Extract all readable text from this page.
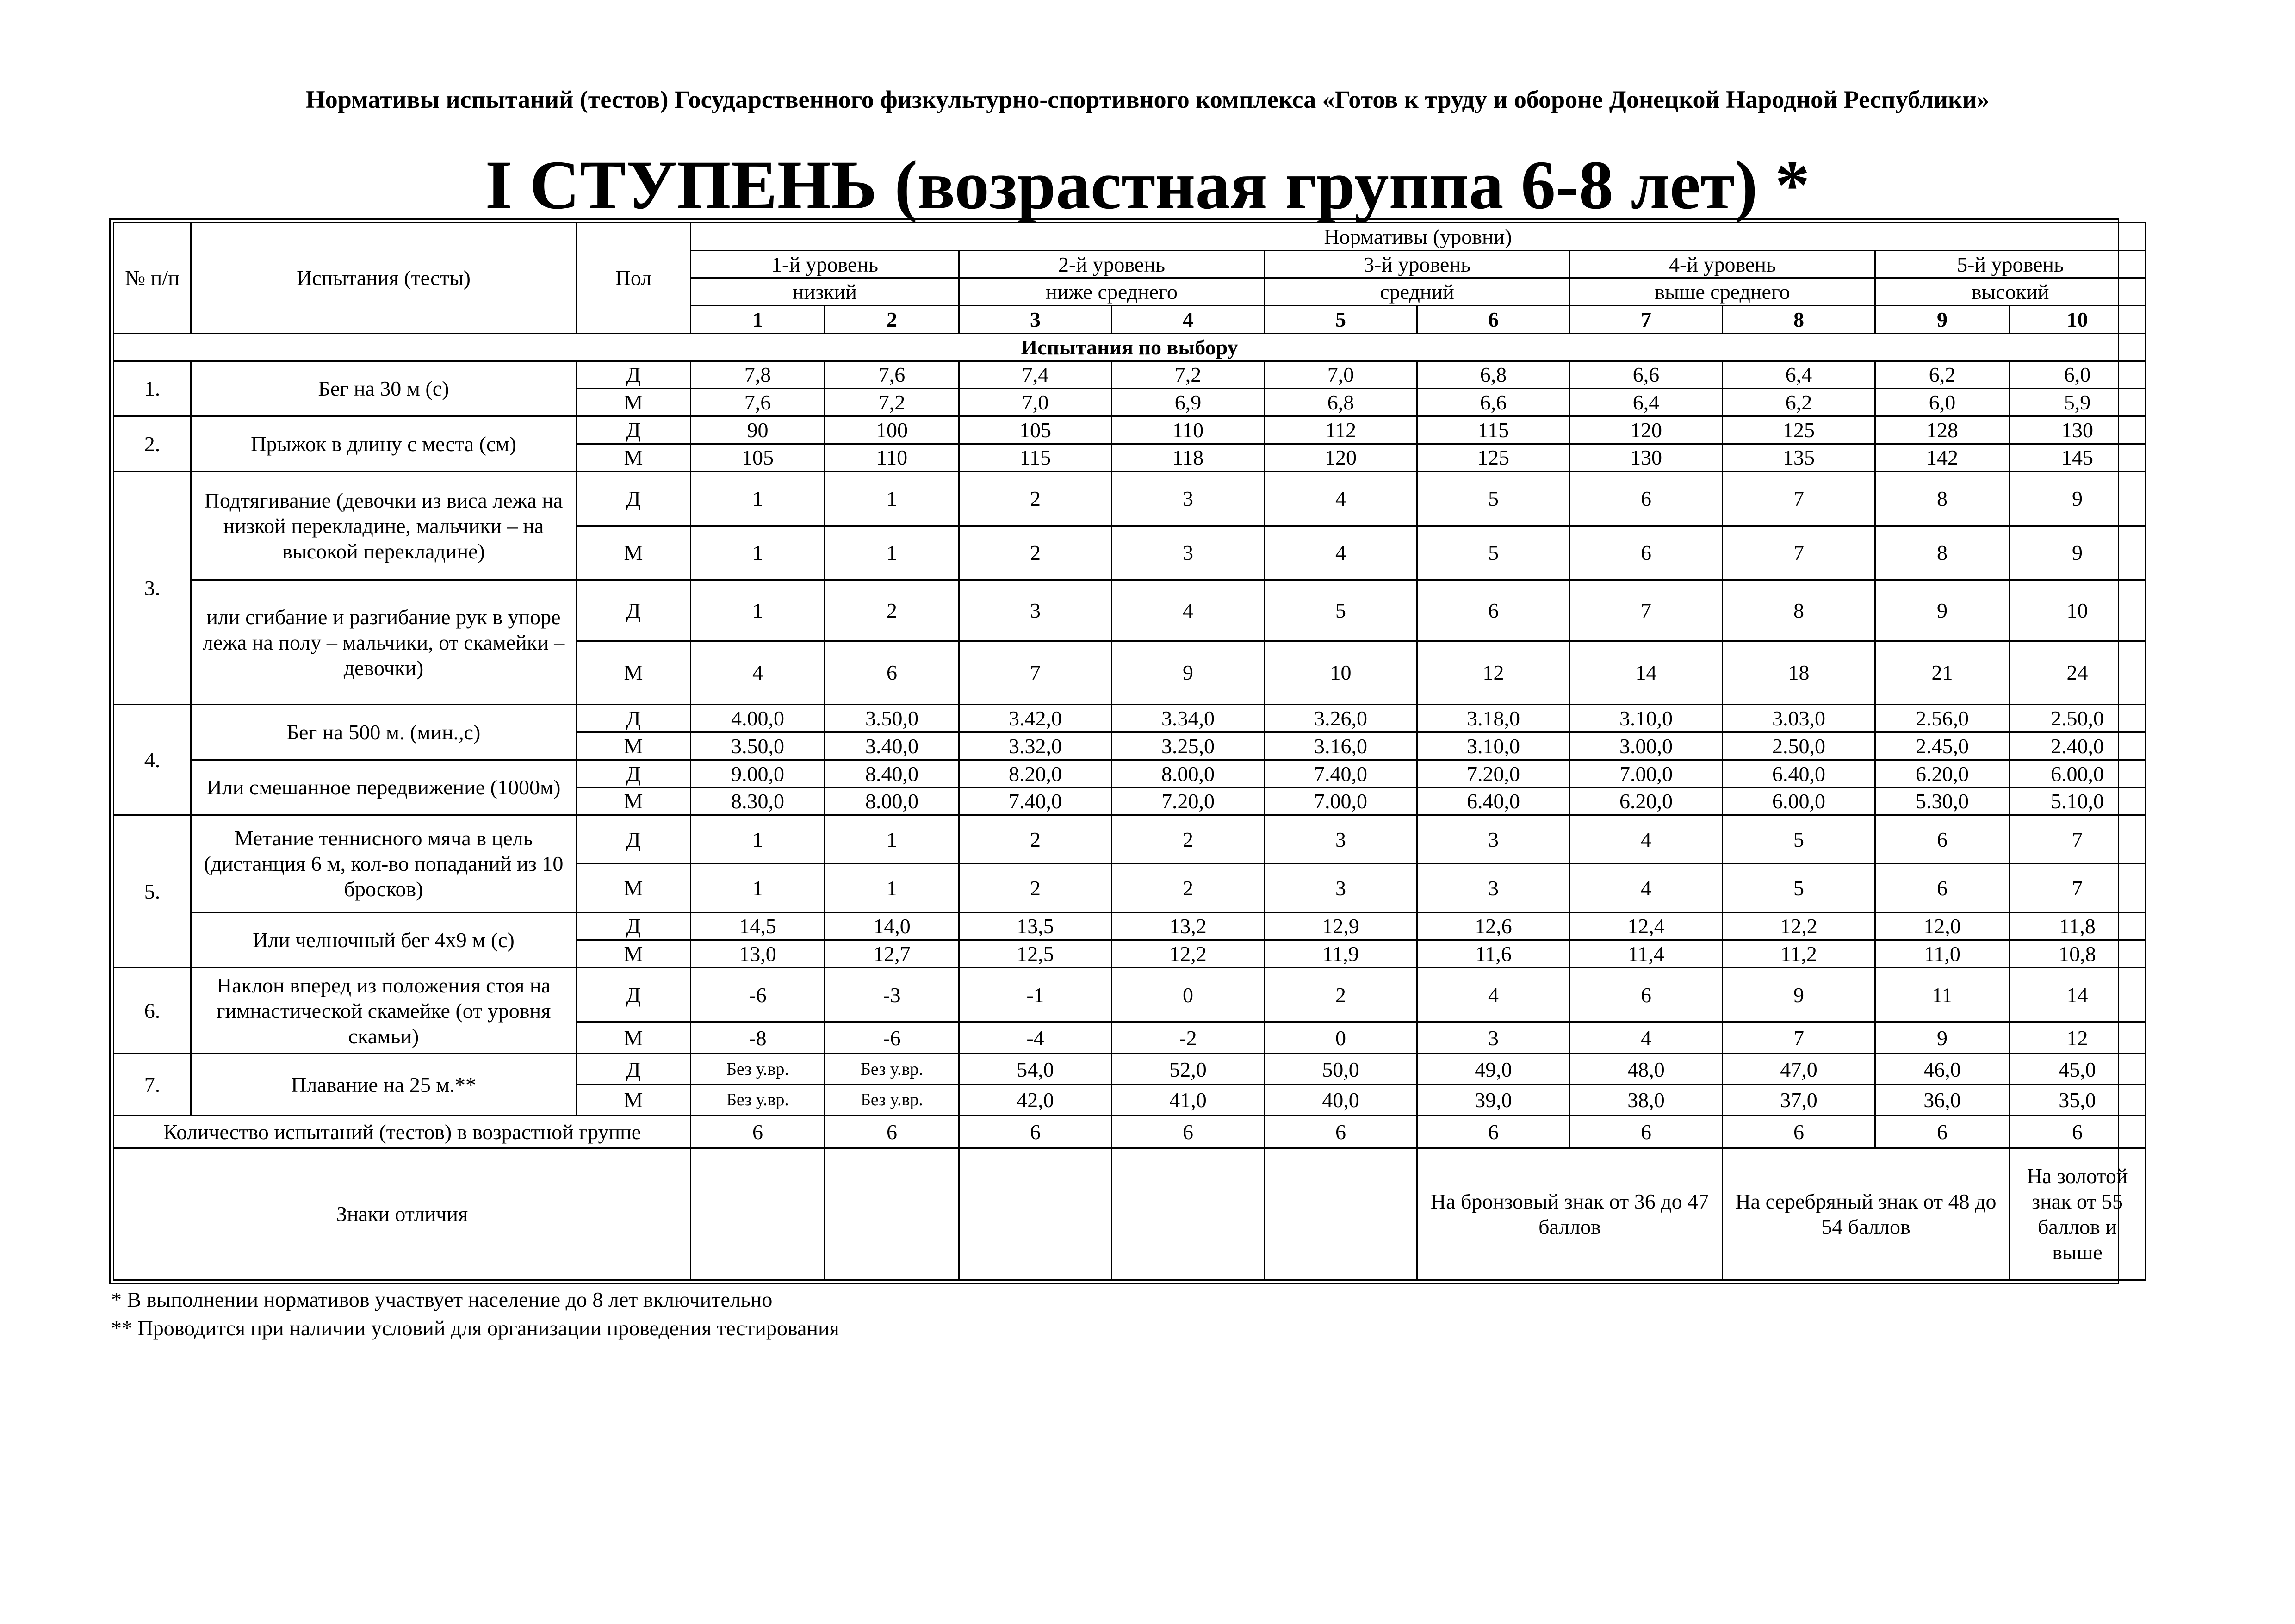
Нормативы испытаний (тестов) Государственного физкультурно-спортивного комплекса «Готов к труду и обороне Донецкой Народной Республики»
I СТУПЕНЬ (возрастная группа 6-8 лет) *
№ п/п	Испытания (тесты)	Пол	Нормативы (уровни)									
			1-й уровень		2-й уровень		3-й уровень		4-й уровень		5-й уровень	
			низкий		ниже среднего		средний		выше среднего		высокий	
			1	2	3	4	5	6	7	8	9	10
Испытания по выбору												
1.	Бег на 30 м (с)	Д	7,8	7,6	7,4	7,2	7,0	6,8	6,6	6,4	6,2	6,0
		М	7,6	7,2	7,0	6,9	6,8	6,6	6,4	6,2	6,0	5,9
2.	Прыжок в длину с места (см)	Д	90	100	105	110	112	115	120	125	128	130
		М	105	110	115	118	120	125	130	135	142	145
3.	Подтягивание (девочки из виса лежа на низкой перекладине, мальчики – на высокой перекладине)	Д	1	1	2	3	4	5	6	7	8	9
		М	1	1	2	3	4	5	6	7	8	9
	или сгибание и разгибание рук в упоре лежа на полу – мальчики, от скамейки – девочки)	Д	1	2	3	4	5	6	7	8	9	10
		М	4	6	7	9	10	12	14	18	21	24
4.	Бег на 500 м. (мин.,с)	Д	4.00,0	3.50,0	3.42,0	3.34,0	3.26,0	3.18,0	3.10,0	3.03,0	2.56,0	2.50,0
		М	3.50,0	3.40,0	3.32,0	3.25,0	3.16,0	3.10,0	3.00,0	2.50,0	2.45,0	2.40,0
	Или смешанное передвижение (1000м)	Д	9.00,0	8.40,0	8.20,0	8.00,0	7.40,0	7.20,0	7.00,0	6.40,0	6.20,0	6.00,0
		М	8.30,0	8.00,0	7.40,0	7.20,0	7.00,0	6.40,0	6.20,0	6.00,0	5.30,0	5.10,0
5.	Метание теннисного мяча в цель (дистанция 6 м, кол-во попаданий из 10 бросков)	Д	1	1	2	2	3	3	4	5	6	7
		М	1	1	2	2	3	3	4	5	6	7
	Или челночный бег 4х9 м (с)	Д	14,5	14,0	13,5	13,2	12,9	12,6	12,4	12,2	12,0	11,8
		М	13,0	12,7	12,5	12,2	11,9	11,6	11,4	11,2	11,0	10,8
6.	Наклон вперед из положения стоя на гимнастической скамейке (от уровня скамьи)	Д	-6	-3	-1	0	2	4	6	9	11	14
		М	-8	-6	-4	-2	0	3	4	7	9	12
7.	Плавание на 25 м.**	Д	Без у.вр.	Без у.вр.	54,0	52,0	50,0	49,0	48,0	47,0	46,0	45,0
		М	Без у.вр.	Без у.вр.	42,0	41,0	40,0	39,0	38,0	37,0	36,0	35,0
Количество испытаний (тестов) в возрастной группе			6	6	6	6	6	6	6	6	6	6
Знаки отличия								На бронзовый знак от 36 до 47 баллов		На серебряный знак от 48 до 54 баллов		На золотой знак от 55 баллов и выше
* В выполнении нормативов участвует население до 8 лет включительно
** Проводится при наличии условий для организации проведения тестирования
